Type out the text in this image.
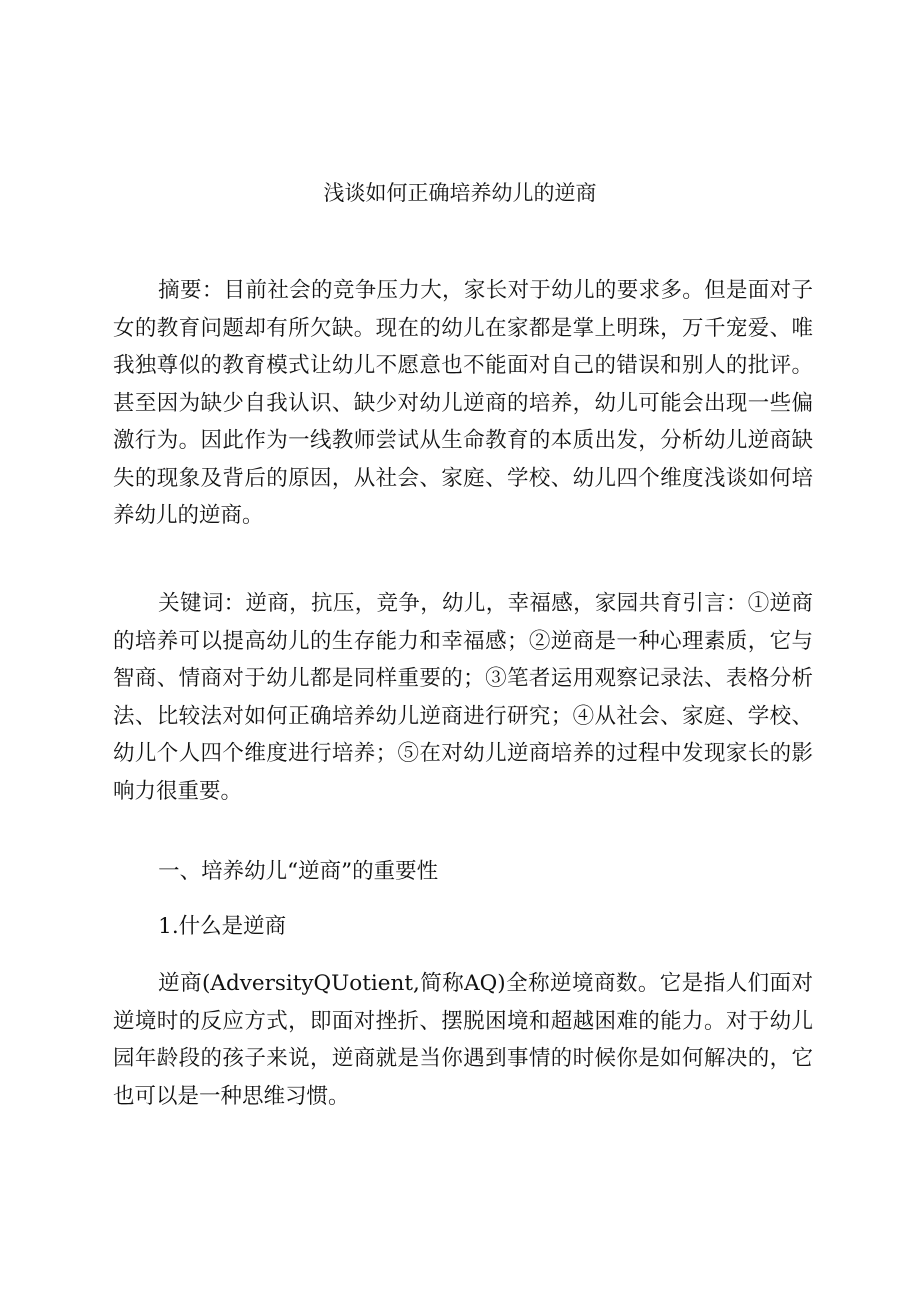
浅谈如何正确培养幼儿的逆商

摘要：目前社会的竞争压力大，家长对于幼儿的要求多。但是面对子女的教育问题却有所欠缺。现在的幼儿在家都是掌上明珠，万千宠爱、唯我独尊似的教育模式让幼儿不愿意也不能面对自己的错误和别人的批评。甚至因为缺少自我认识、缺少对幼儿逆商的培养，幼儿可能会出现一些偏激行为。因此作为一线教师尝试从生命教育的本质出发，分析幼儿逆商缺失的现象及背后的原因，从社会、家庭、学校、幼儿四个维度浅谈如何培养幼儿的逆商。

关键词：逆商，抗压，竞争，幼儿，幸福感，家园共育引言：①逆商的培养可以提高幼儿的生存能力和幸福感；②逆商是一种心理素质，它与智商、情商对于幼儿都是同样重要的；③笔者运用观察记录法、表格分析法、比较法对如何正确培养幼儿逆商进行研究；④从社会、家庭、学校、幼儿个人四个维度进行培养；⑤在对幼儿逆商培养的过程中发现家长的影响力很重要。

一、培养幼儿“逆商”的重要性

1.什么是逆商

逆商(AdversityQUotient,简称AQ)全称逆境商数。它是指人们面对逆境时的反应方式，即面对挫折、摆脱困境和超越困难的能力。对于幼儿园年龄段的孩子来说，逆商就是当你遇到事情的时候你是如何解决的，它也可以是一种思维习惯。
